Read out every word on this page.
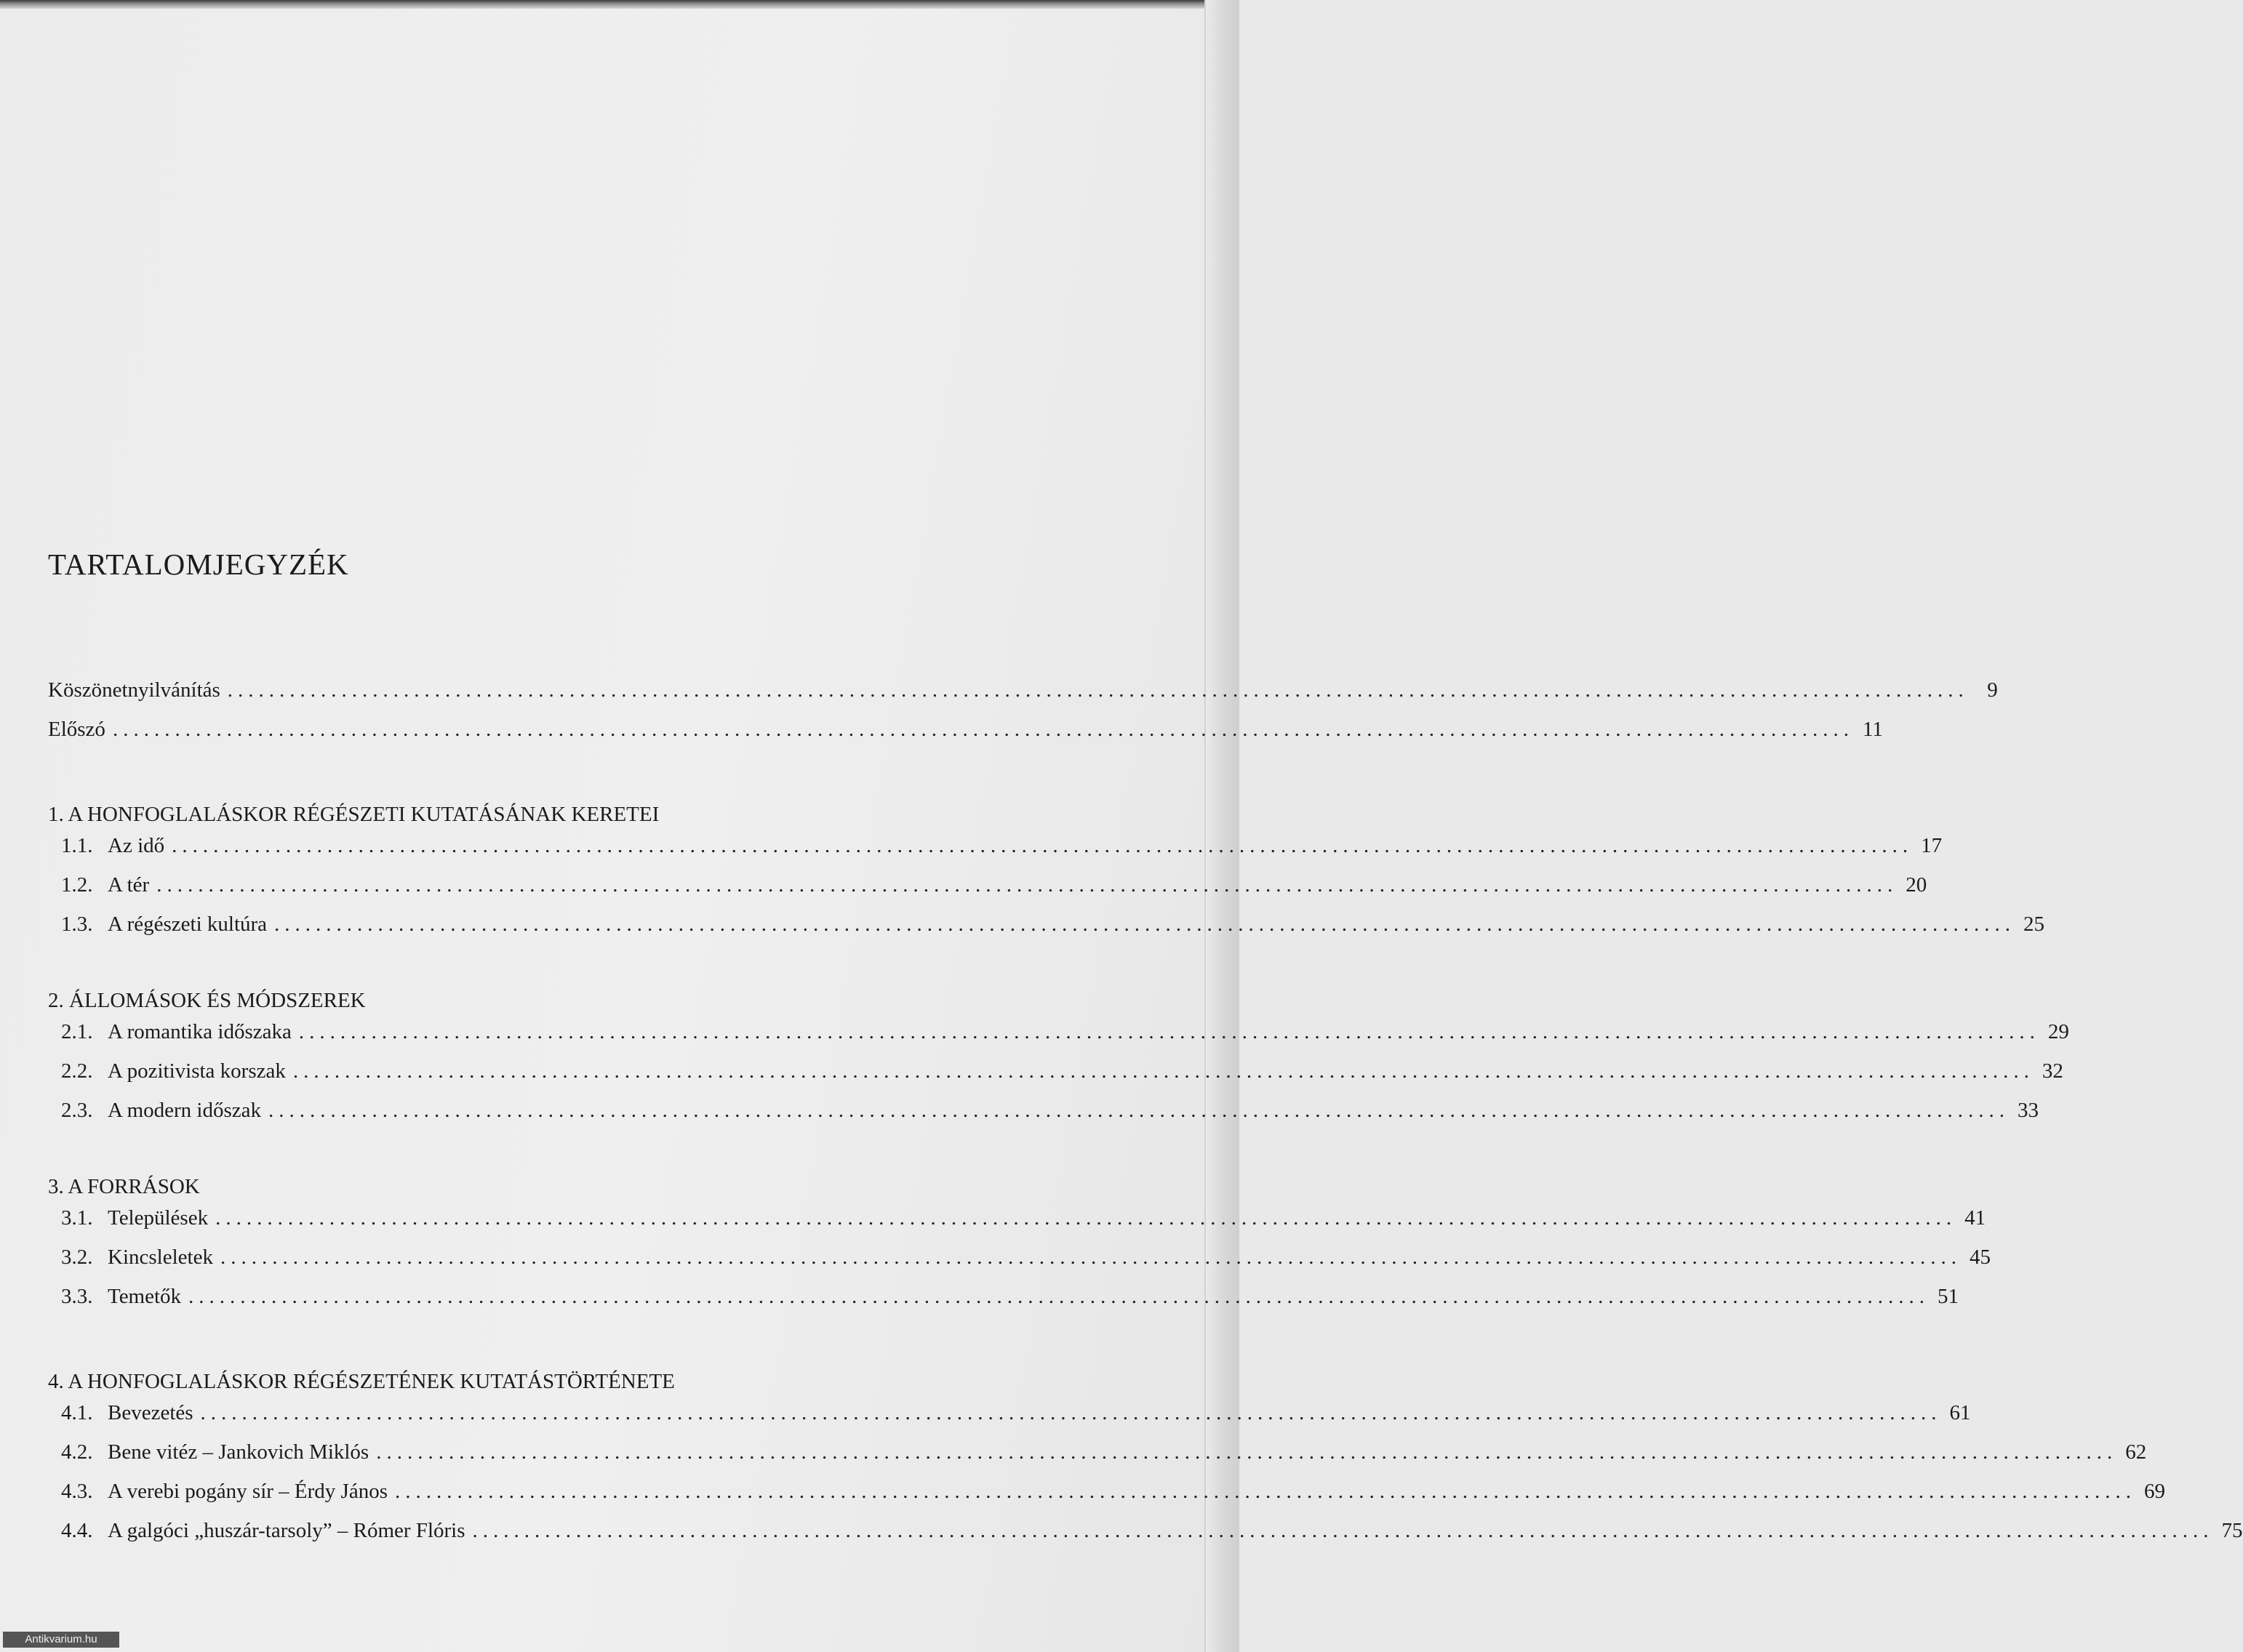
TARTALOMJEGYZÉK
Köszönetnyilvánítás ........................................................................................................................................................................ 9
Előszó ........................................................................................................................................................................ 11
1. A HONFOGLALÁSKOR RÉGÉSZETI KUTATÁSÁNAK KERETEI
1.1. Az idő ........................................................................................................................................................................ 17
1.2. A tér ........................................................................................................................................................................ 20
1.3. A régészeti kultúra ........................................................................................................................................................................ 25
2. ÁLLOMÁSOK ÉS MÓDSZEREK
2.1. A romantika időszaka ........................................................................................................................................................................ 29
2.2. A pozitivista korszak ........................................................................................................................................................................ 32
2.3. A modern időszak ........................................................................................................................................................................ 33
3. A FORRÁSOK
3.1. Települések ........................................................................................................................................................................ 41
3.2. Kincsleletek ........................................................................................................................................................................ 45
3.3. Temetők ........................................................................................................................................................................ 51
4. A HONFOGLALÁSKOR RÉGÉSZETÉNEK KUTATÁSTÖRTÉNETE
4.1. Bevezetés ........................................................................................................................................................................ 61
4.2. Bene vitéz – Jankovich Miklós ........................................................................................................................................................................ 62
4.3. A verebi pogány sír – Érdy János ........................................................................................................................................................................ 69
4.4. A galgóci „huszár-tarsoly” – Rómer Flóris ........................................................................................................................................................................ 75
Antikvarium.hu
